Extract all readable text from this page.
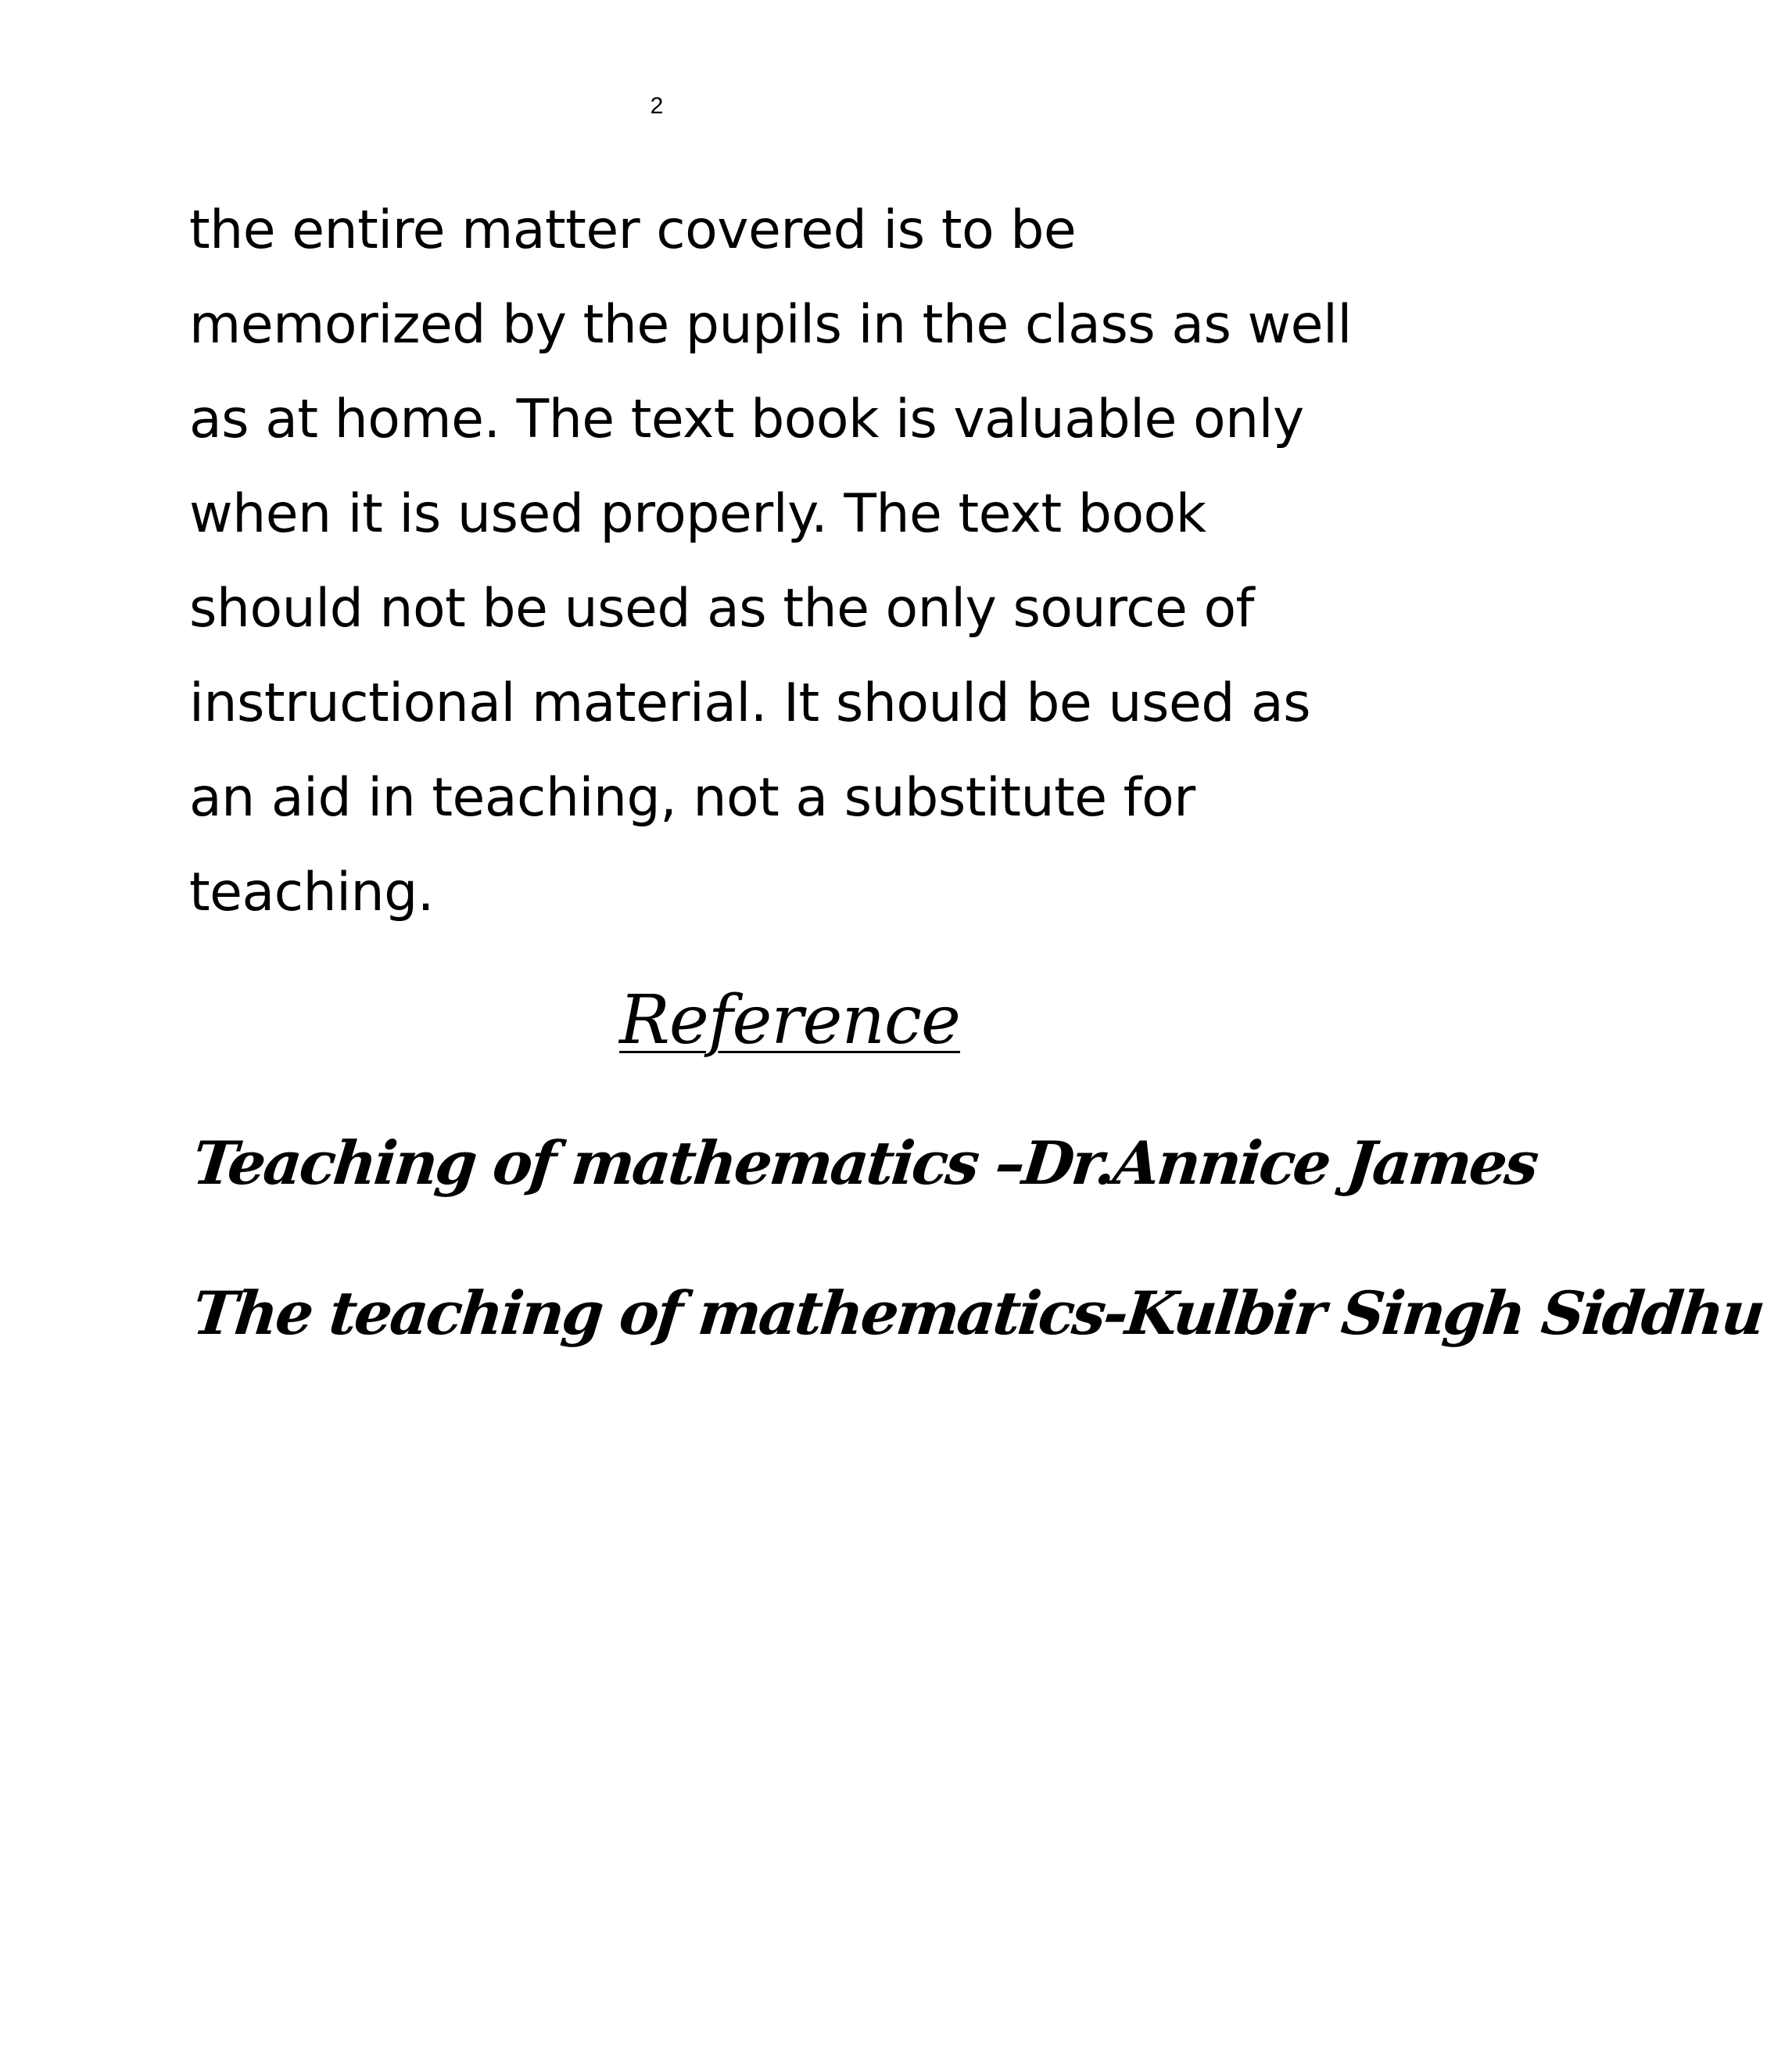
2
the entire matter covered is to be
memorized by the pupils in the class as well
as at home. The text book is valuable only
when it is used properly. The text book
should not be used as the only source of
instructional material. It should be used as
an aid in teaching, not a substitute for
teaching.
Reference
Teaching of mathematics –Dr.Annice James
The teaching of mathematics-Kulbir Singh Siddhu
